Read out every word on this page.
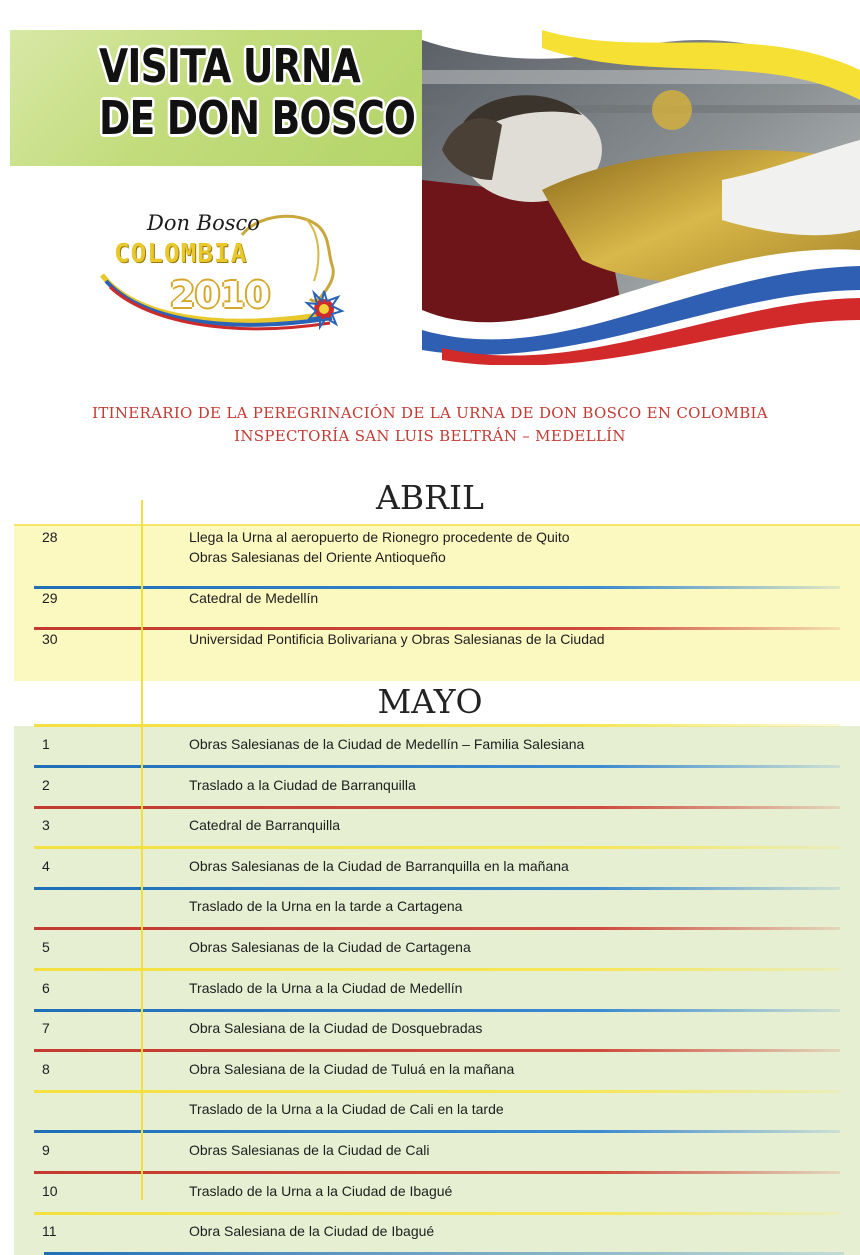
VISITA URNA
DE DON BOSCO
Don Bosco
COLOMBIA
2010
ITINERARIO DE LA PEREGRINACIÓN DE LA URNA DE DON BOSCO EN COLOMBIA
INSPECTORÍA SAN LUIS BELTRÁN – MEDELLÍN
ABRIL
28	Llega la Urna al aeropuerto de Rionegro procedente de Quito
Obras Salesianas del Oriente Antioqueño
29	Catedral de Medellín
30	Universidad Pontificia Bolivariana y Obras Salesianas de la Ciudad
MAYO
1	Obras Salesianas de la Ciudad de Medellín – Familia Salesiana
2	Traslado a la Ciudad de Barranquilla
3	Catedral de Barranquilla
4	Obras Salesianas de la Ciudad de Barranquilla en la mañana
Traslado de la Urna en la tarde a Cartagena
5	Obras Salesianas de la Ciudad de Cartagena
6	Traslado de la Urna a la Ciudad de Medellín
7	Obra Salesiana de la Ciudad de Dosquebradas
8	Obra Salesiana de la Ciudad de Tuluá en la mañana
Traslado de la Urna a la Ciudad de Cali en la tarde
9	Obras Salesianas de la Ciudad de Cali
10	Traslado de la Urna a la Ciudad de Ibagué
11	Obra Salesiana de la Ciudad de Ibagué
